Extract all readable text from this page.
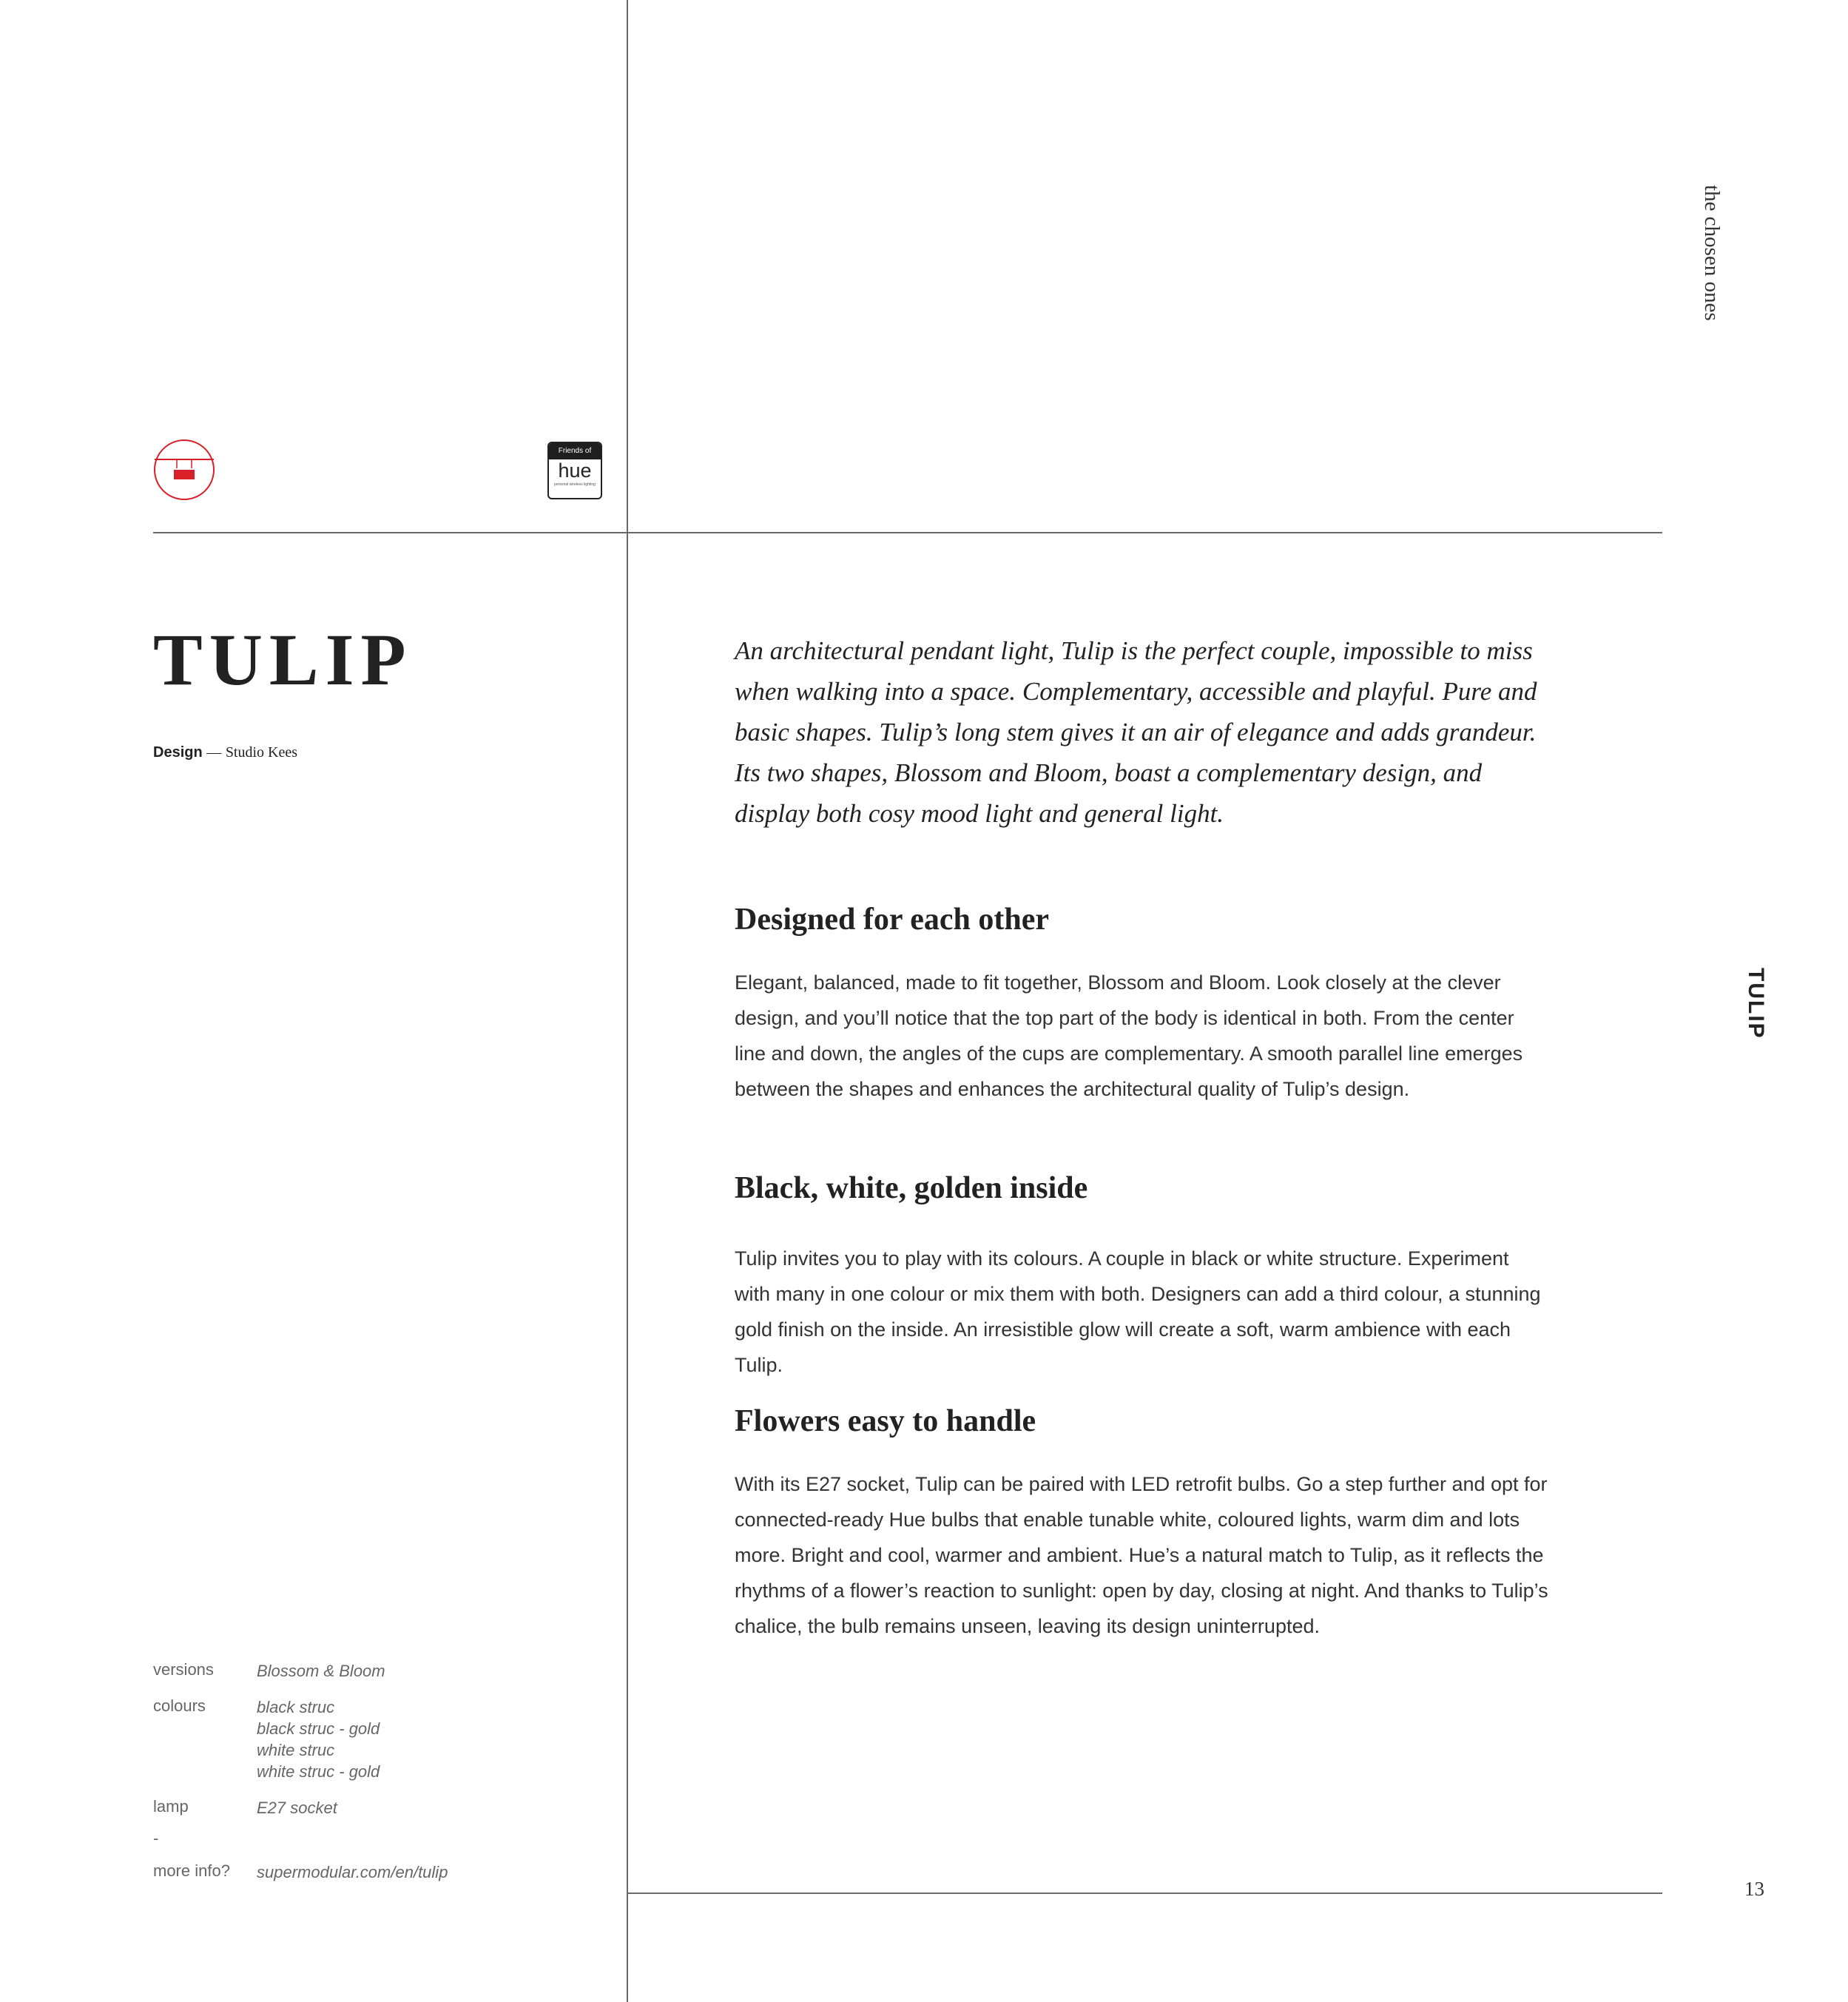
the chosen ones
TULIP
13
Friends of
hue
personal wireless lighting
TULIP
Design — Studio Kees
versions	Blossom & Bloom
colours	black struc
black struc - gold
white struc
white struc - gold
lamp	E27 socket
-
more info?	supermodular.com/en/tulip

An architectural pendant light, Tulip is the perfect couple, impossible to miss when walking into a space. Complementary, accessible and playful. Pure and basic shapes. Tulip’s long stem gives it an air of elegance and adds grandeur. Its two shapes, Blossom and Bloom, boast a complementary design, and display both cosy mood light and general light.

Designed for each other

Elegant, balanced, made to fit together, Blossom and Bloom. Look closely at the clever design, and you’ll notice that the top part of the body is identical in both. From the center line and down, the angles of the cups are complementary. A smooth parallel line emerges between the shapes and enhances the architectural quality of Tulip’s design.

Black, white, golden inside

Tulip invites you to play with its colours. A couple in black or white structure. Experiment with many in one colour or mix them with both. Designers can add a third colour, a stunning gold finish on the inside. An irresistible glow will create a soft, warm ambience with each Tulip.

Flowers easy to handle

With its E27 socket, Tulip can be paired with LED retrofit bulbs. Go a step further and opt for connected-ready Hue bulbs that enable tunable white, coloured lights, warm dim and lots more. Bright and cool, warmer and ambient. Hue’s a natural match to Tulip, as it reflects the rhythms of a flower’s reaction to sunlight: open by day, closing at night. And thanks to Tulip’s chalice, the bulb remains unseen, leaving its design uninterrupted.
